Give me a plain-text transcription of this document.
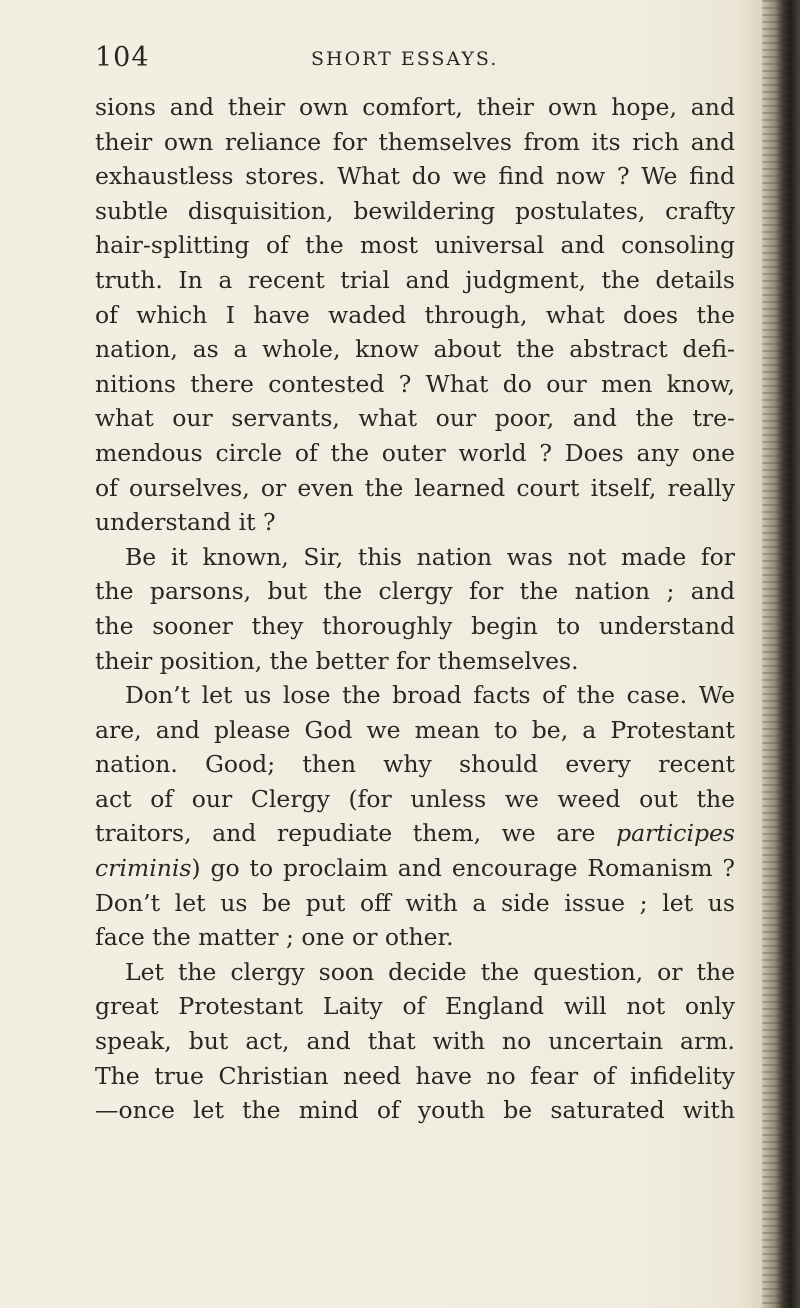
104	SHORT ESSAYS.
sions and their own comfort, their own hope, and
their own reliance for themselves from its rich and
exhaustless stores. What do we find now ? We find
subtle disquisition, bewildering postulates, crafty
hair-splitting of the most universal and consoling
truth. In a recent trial and judgment, the details
of which I have waded through, what does the
nation, as a whole, know about the abstract defi-
nitions there contested ? What do our men know,
what our servants, what our poor, and the tre-
mendous circle of the outer world ? Does any one
of ourselves, or even the learned court itself, really
understand it ?
Be it known, Sir, this nation was not made for
the parsons, but the clergy for the nation ; and
the sooner they thoroughly begin to understand
their position, the better for themselves.
Don’t let us lose the broad facts of the case. We
are, and please God we mean to be, a Protestant
nation. Good; then why should every recent
act of our Clergy (for unless we weed out the
traitors, and repudiate them, we are participes
criminis) go to proclaim and encourage Romanism ?
Don’t let us be put off with a side issue ; let us
face the matter ; one or other.
Let the clergy soon decide the question, or the
great Protestant Laity of England will not only
speak, but act, and that with no uncertain arm.
The true Christian need have no fear of infidelity
—once let the mind of youth be saturated with
